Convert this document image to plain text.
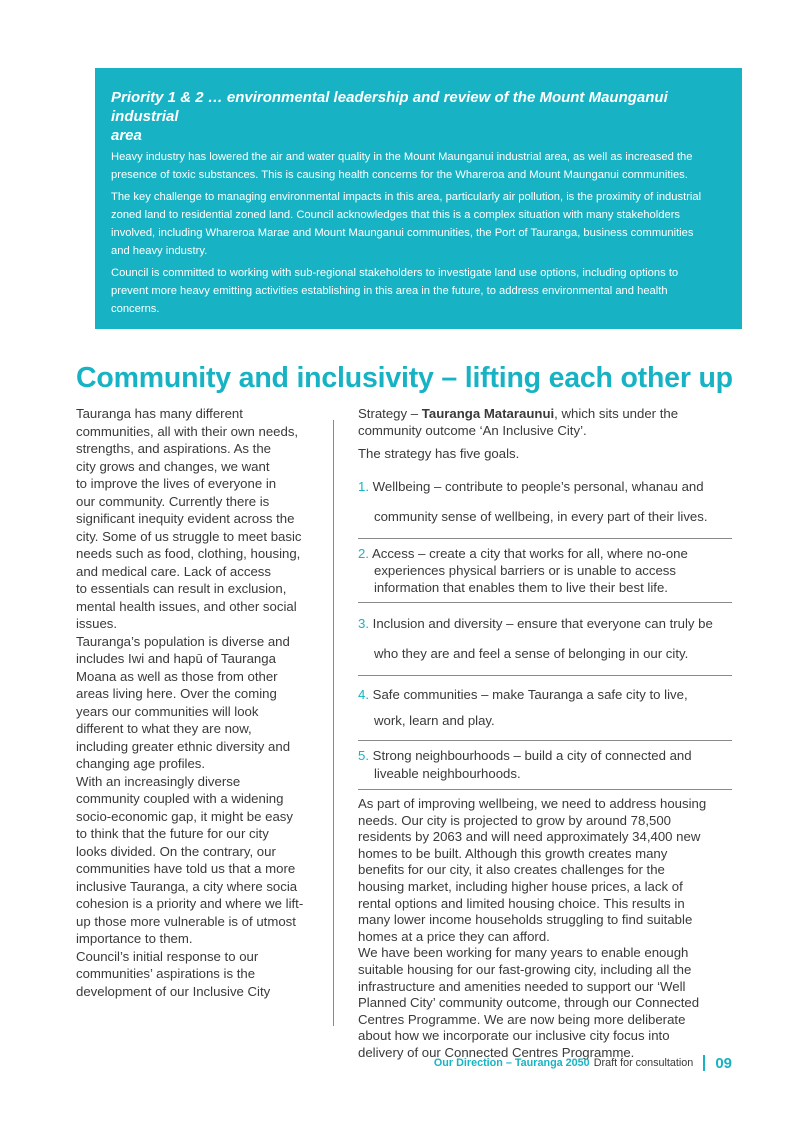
Priority 1 & 2 … environmental leadership and review of the Mount Maunganui industrial
area

Heavy industry has lowered the air and water quality in the Mount Maunganui industrial area, as well as increased the
presence of toxic substances. This is causing health concerns for the Whareroa and Mount Maunganui communities.

The key challenge to managing environmental impacts in this area, particularly air pollution, is the proximity of industrial
zoned land to residential zoned land. Council acknowledges that this is a complex situation with many stakeholders
involved, including Whareroa Marae and Mount Maunganui communities, the Port of Tauranga, business communities
and heavy industry.

Council is committed to working with sub-regional stakeholders to investigate land use options, including options to
prevent more heavy emitting activities establishing in this area in the future, to address environmental and health
concerns.

Community and inclusivity – lifting each other up
Tauranga has many different
communities, all with their own needs,
strengths, and aspirations. As the
city grows and changes, we want
to improve the lives of everyone in
our community. Currently there is
significant inequity evident across the
city. Some of us struggle to meet basic
needs such as food, clothing, housing,
and medical care. Lack of access
to essentials can result in exclusion,
mental health issues, and other social
issues.
Tauranga’s population is diverse and
includes Iwi and hapū of Tauranga
Moana as well as those from other
areas living here. Over the coming
years our communities will look
different to what they are now,
including greater ethnic diversity and
changing age profiles.
With an increasingly diverse
community coupled with a widening
socio-economic gap, it might be easy
to think that the future for our city
looks divided. On the contrary, our
communities have told us that a more
inclusive Tauranga, a city where socia
cohesion is a priority and where we lift-
up those more vulnerable is of utmost
importance to them.
Council’s initial response to our
communities’ aspirations is the
development of our Inclusive City
Strategy – Tauranga Mataraunui, which sits under the
community outcome ‘An Inclusive City’.
The strategy has five goals.
1. Wellbeing – contribute to people’s personal, whanau and
community sense of wellbeing, in every part of their lives.
2. Access – create a city that works for all, where no-one
experiences physical barriers or is unable to access
information that enables them to live their best life.
3. Inclusion and diversity – ensure that everyone can truly be
who they are and feel a sense of belonging in our city.
4. Safe communities – make Tauranga a safe city to live,
work, learn and play.
5. Strong neighbourhoods – build a city of connected and
liveable neighbourhoods.
As part of improving wellbeing, we need to address housing
needs. Our city is projected to grow by around 78,500
residents by 2063 and will need approximately 34,400 new
homes to be built. Although this growth creates many
benefits for our city, it also creates challenges for the
housing market, including higher house prices, a lack of
rental options and limited housing choice. This results in
many lower income households struggling to find suitable
homes at a price they can afford.
We have been working for many years to enable enough
suitable housing for our fast-growing city, including all the
infrastructure and amenities needed to support our ‘Well
Planned City’ community outcome, through our Connected
Centres Programme. We are now being more deliberate
about how we incorporate our inclusive city focus into
delivery of our Connected Centres Programme.
Our Direction – Tauranga 2050 Draft for consultation 09
